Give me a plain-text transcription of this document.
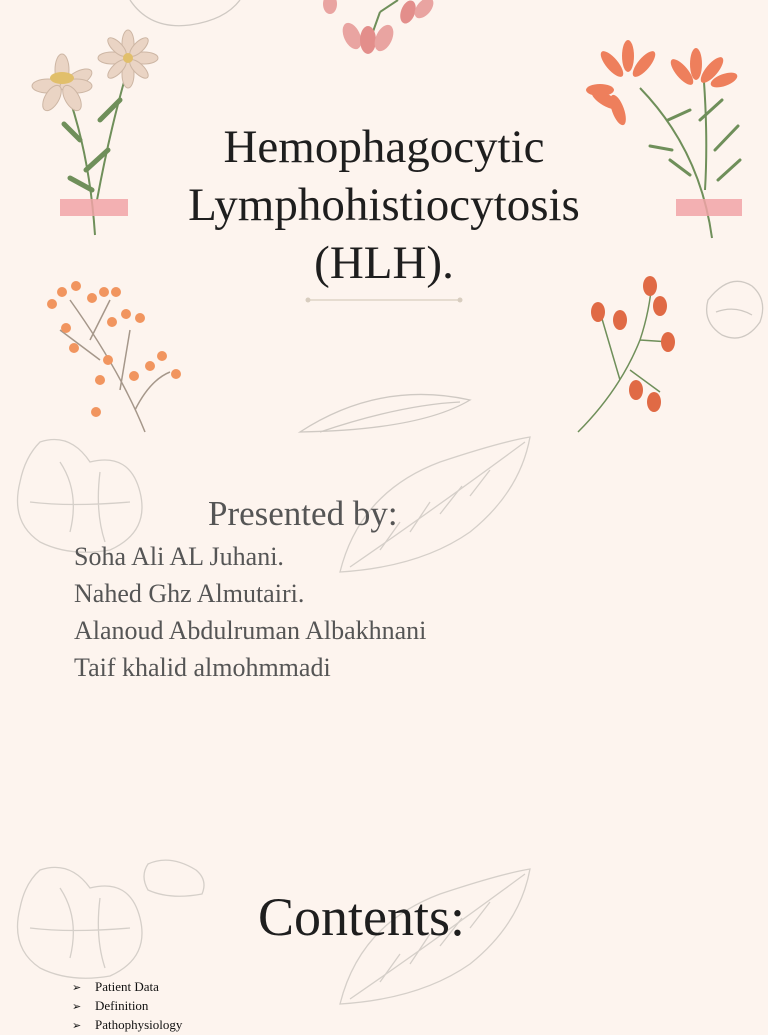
Hemophagocytic
Lymphohistiocytosis
(HLH).
Presented by:
Soha Ali AL Juhani.
Nahed Ghz Almutairi.
Alanoud Abdulruman Albakhnani
Taif khalid almohmmadi
Contents:
➢ Patient Data
➢ Definition
➢ Pathophysiology
